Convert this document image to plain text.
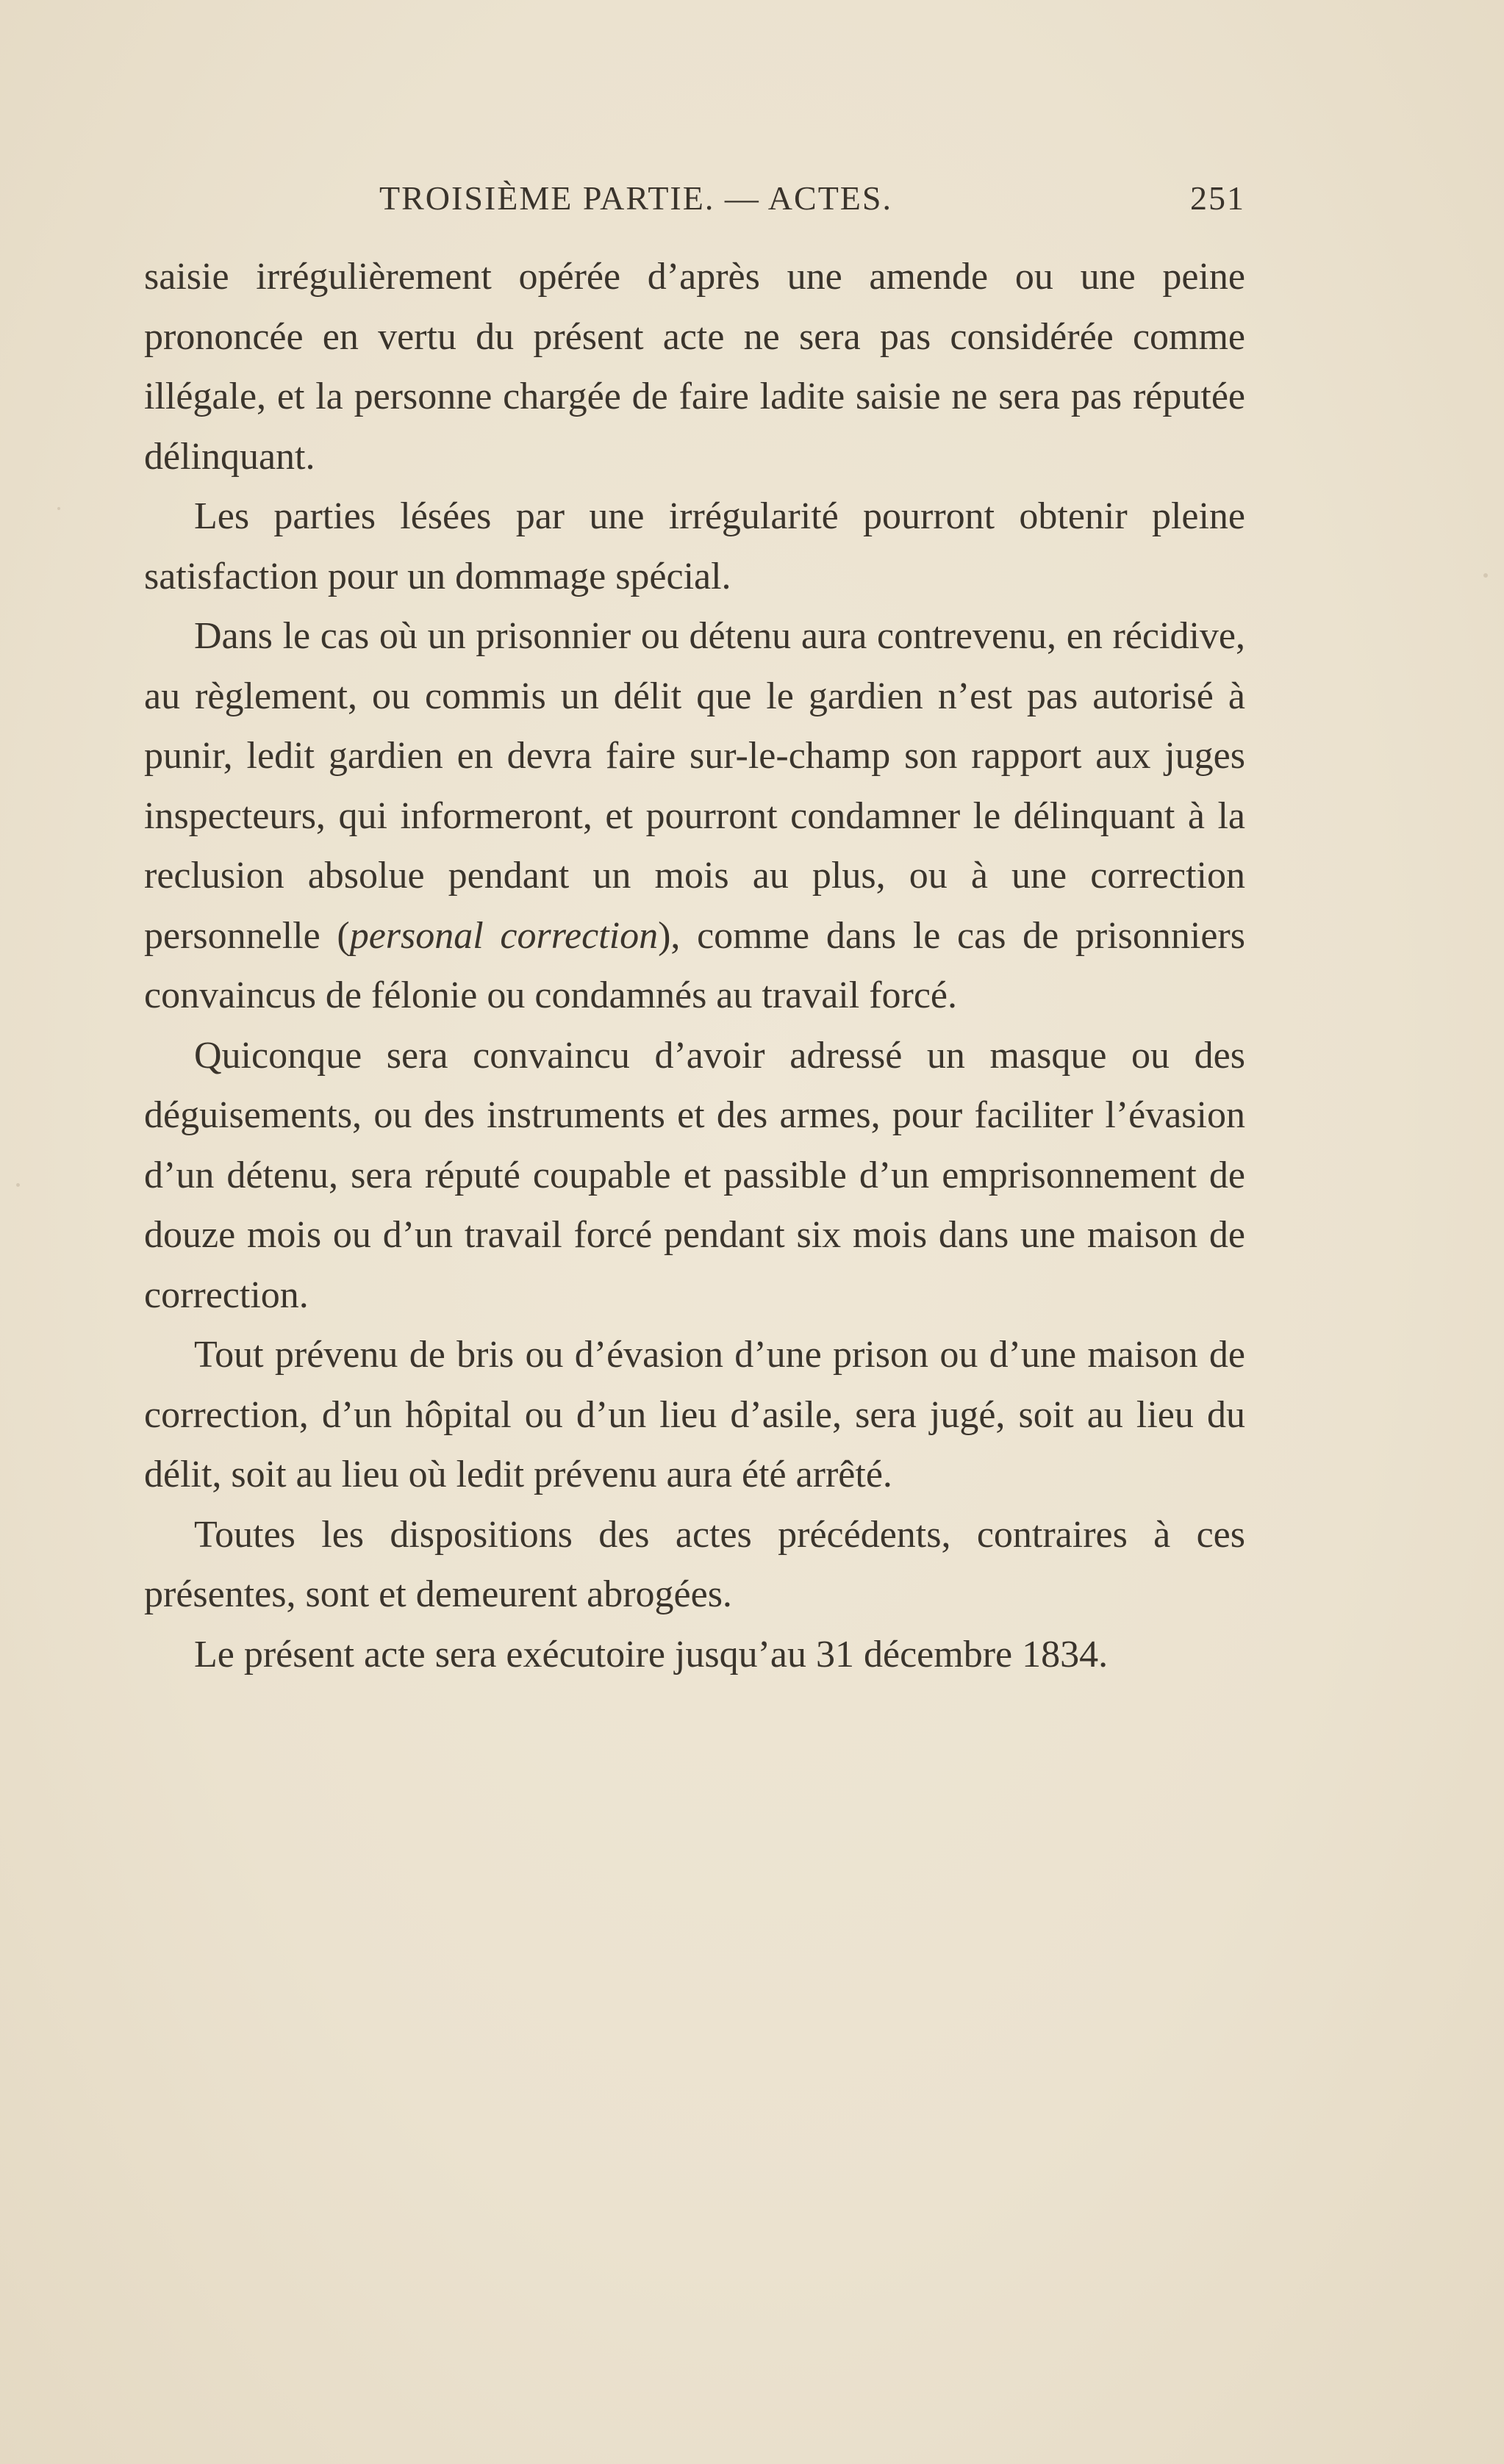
TROISIÈME PARTIE. — ACTES.	251

saisie irrégulièrement opérée d’après une amende ou une peine prononcée en vertu du présent acte ne sera pas considérée comme illégale, et la personne chargée de faire ladite saisie ne sera pas réputée délinquant.

Les parties lésées par une irrégularité pourront obtenir pleine satisfaction pour un dommage spécial.

Dans le cas où un prisonnier ou détenu aura contrevenu, en récidive, au règlement, ou commis un délit que le gardien n’est pas autorisé à punir, ledit gardien en devra faire sur-le-champ son rapport aux juges inspecteurs, qui informeront, et pourront condamner le délinquant à la reclusion absolue pendant un mois au plus, ou à une correction personnelle (personal correction), comme dans le cas de prisonniers convaincus de félonie ou condamnés au travail forcé.

Quiconque sera convaincu d’avoir adressé un masque ou des déguisements, ou des instruments et des armes, pour faciliter l’évasion d’un détenu, sera réputé coupable et passible d’un emprisonnement de douze mois ou d’un travail forcé pendant six mois dans une maison de correction.

Tout prévenu de bris ou d’évasion d’une prison ou d’une maison de correction, d’un hôpital ou d’un lieu d’asile, sera jugé, soit au lieu du délit, soit au lieu où ledit prévenu aura été arrêté.

Toutes les dispositions des actes précédents, contraires à ces présentes, sont et demeurent abrogées.

Le présent acte sera exécutoire jusqu’au 31 décembre 1834.
